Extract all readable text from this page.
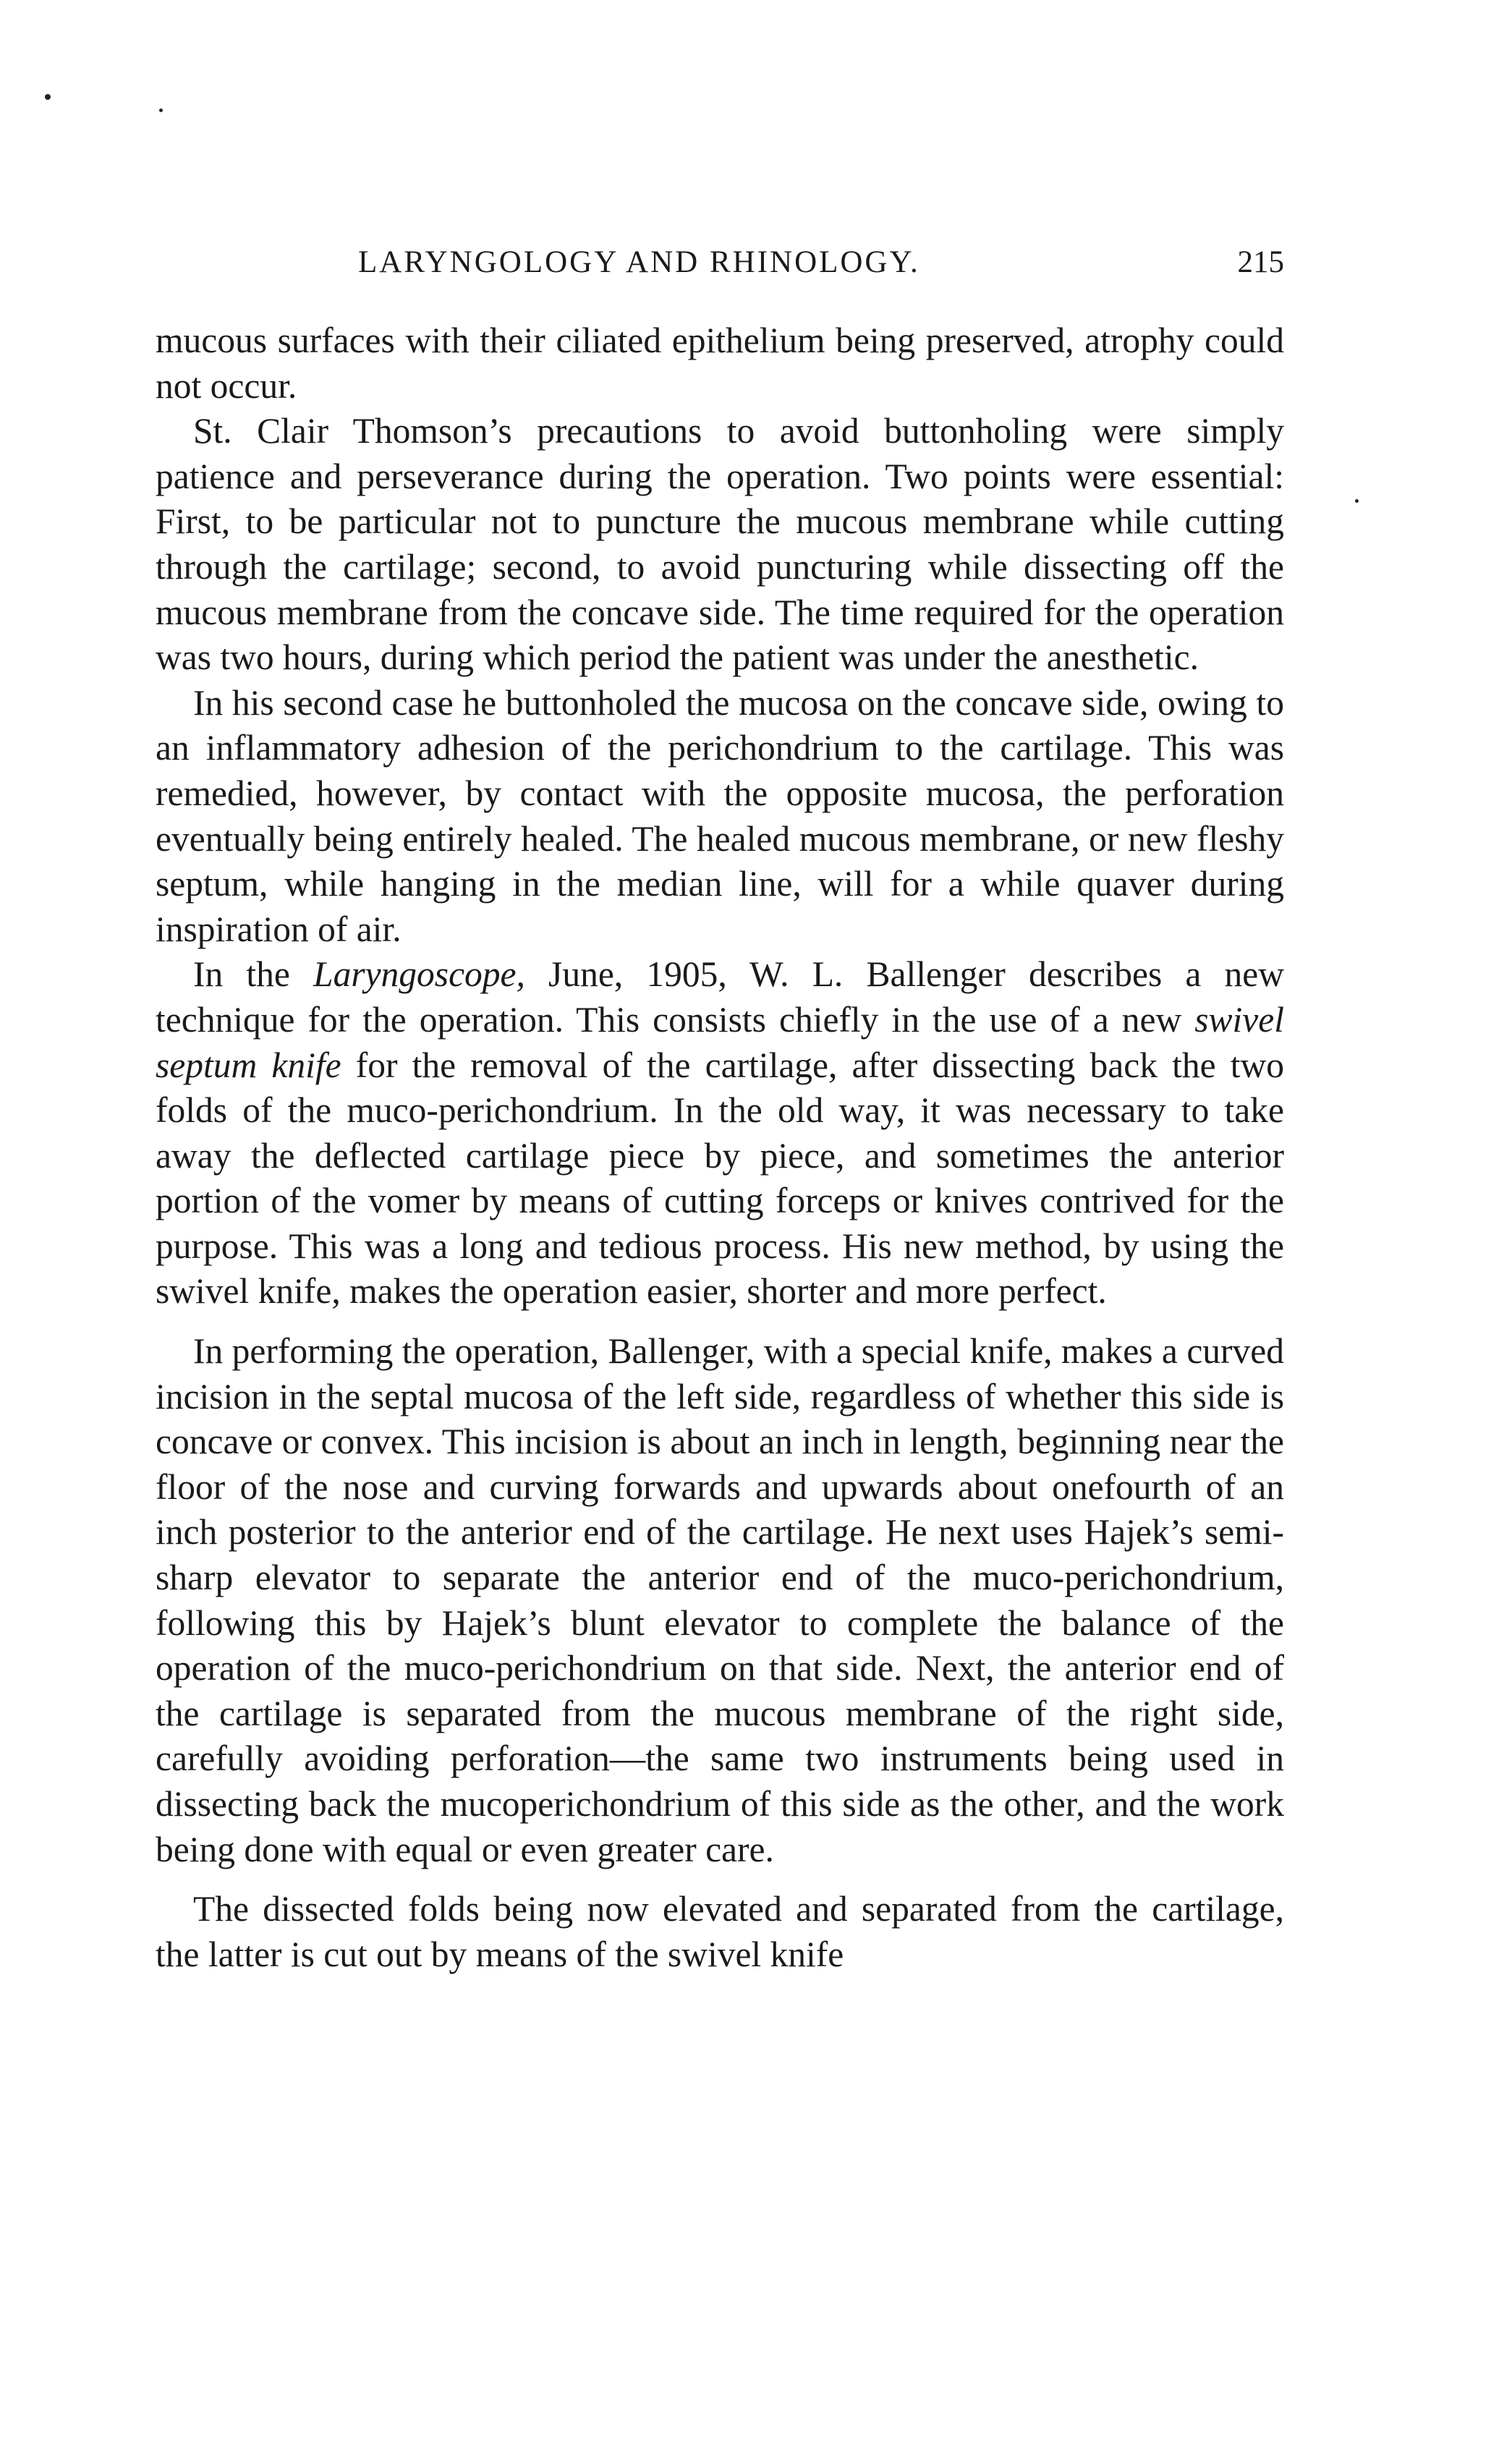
LARYNGOLOGY AND RHINOLOGY.	215

mucous surfaces with their ciliated epithelium being preserved, atrophy could not occur.

St. Clair Thomson’s precautions to avoid buttonholing were simply patience and perseverance during the operation. Two points were essential: First, to be particular not to puncture the mucous membrane while cutting through the cartilage; second, to avoid puncturing while dissecting off the mucous membrane from the concave side. The time required for the operation was two hours, during which period the patient was under the anesthetic.

In his second case he buttonholed the mucosa on the concave side, owing to an inflammatory adhesion of the perichondrium to the cartilage. This was remedied, however, by contact with the opposite mucosa, the perforation eventually being entirely healed. The healed mucous membrane, or new fleshy septum, while hanging in the median line, will for a while quaver during inspiration of air.

In the Laryngoscope, June, 1905, W. L. Ballenger describes a new technique for the operation. This consists chiefly in the use of a new swivel septum knife for the removal of the cartilage, after dissecting back the two folds of the muco-perichondrium. In the old way, it was necessary to take away the deflected cartilage piece by piece, and sometimes the anterior portion of the vomer by means of cutting forceps or knives contrived for the purpose. This was a long and tedious process. His new method, by using the swivel knife, makes the operation easier, shorter and more perfect.

In performing the operation, Ballenger, with a special knife, makes a curved incision in the septal mucosa of the left side, regardless of whether this side is concave or convex. This incision is about an inch in length, beginning near the floor of the nose and curving forwards and upwards about onefourth of an inch posterior to the anterior end of the cartilage. He next uses Hajek’s semi-sharp elevator to separate the anterior end of the muco-perichondrium, following this by Hajek’s blunt elevator to complete the balance of the operation of the muco-perichondrium on that side. Next, the anterior end of the cartilage is separated from the mucous membrane of the right side, carefully avoiding perforation—the same two instruments being used in dissecting back the mucoperichondrium of this side as the other, and the work being done with equal or even greater care.

The dissected folds being now elevated and separated from the cartilage, the latter is cut out by means of the swivel knife
